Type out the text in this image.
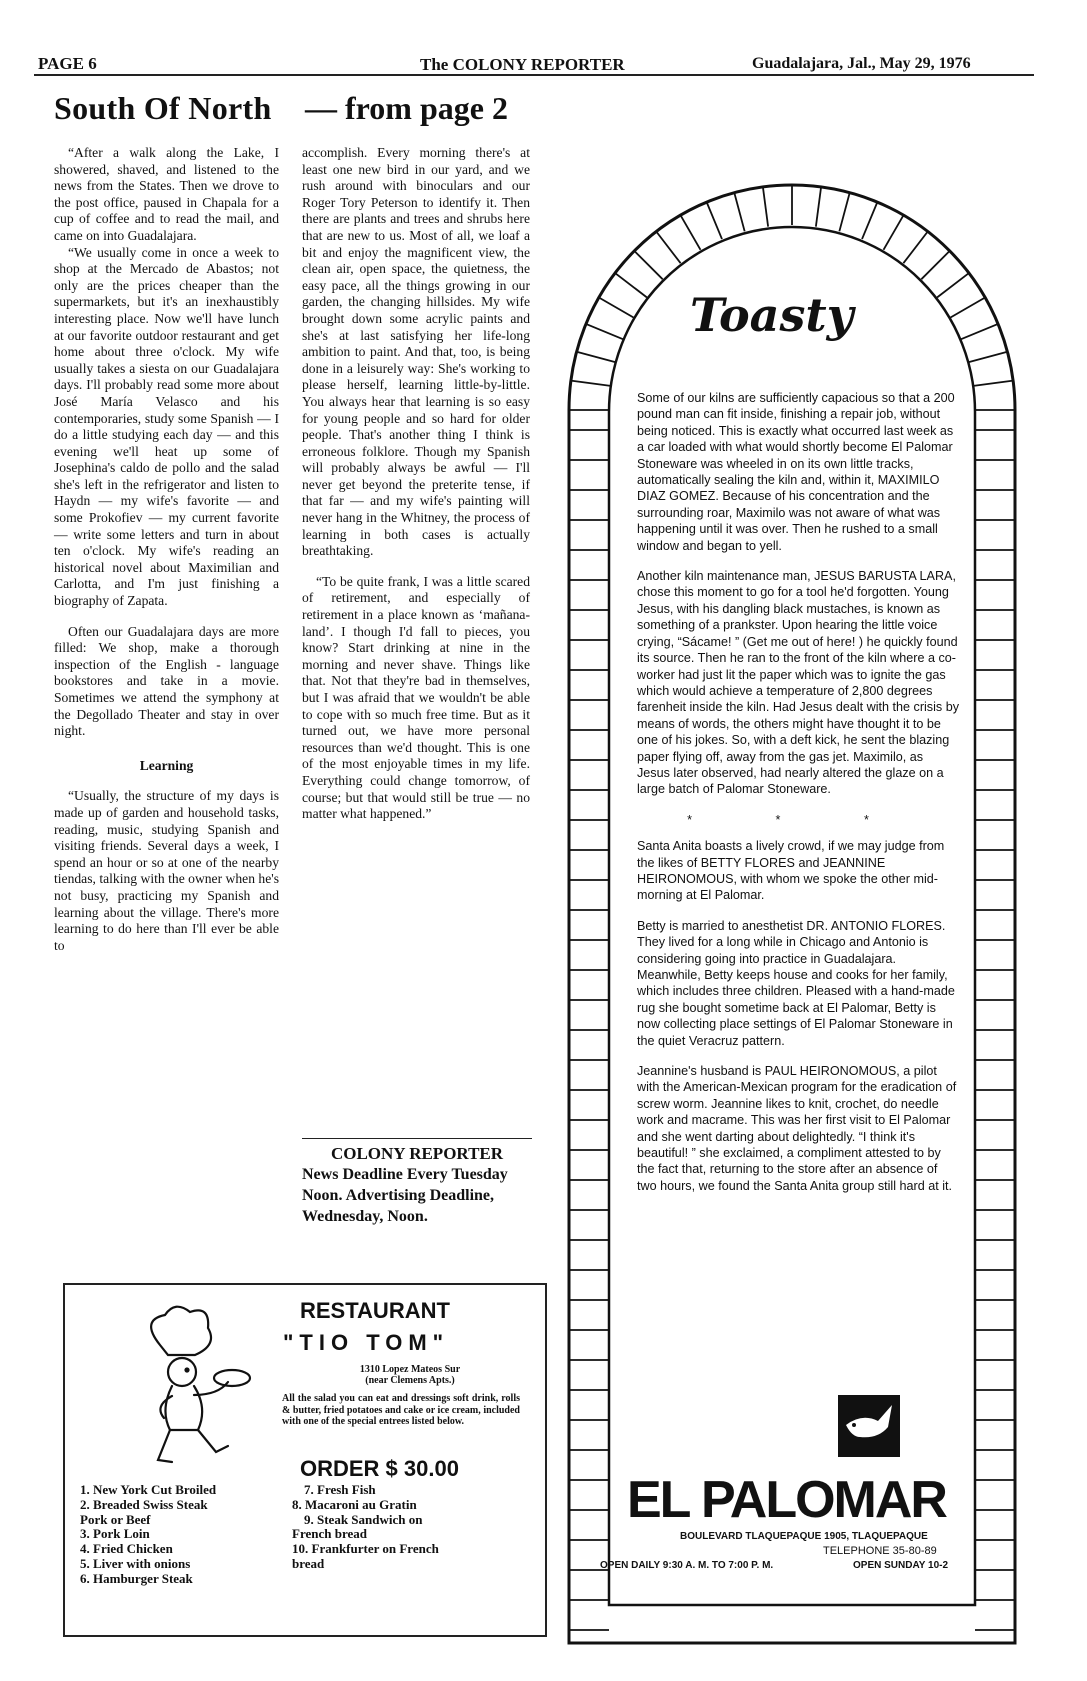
PAGE 6	The COLONY REPORTER	Guadalajara, Jal., May 29, 1976
South Of North — from page 2

“After a walk along the Lake, I showered, shaved, and listened to the news from the States. Then we drove to the post office, paused in Chapala for a cup of coffee and to read the mail, and came on into Guadalajara.

“We usually come in once a week to shop at the Mercado de Abastos; not only are the prices cheaper than the supermarkets, but it's an inexhaustibly interesting place. Now we'll have lunch at our favorite outdoor restaurant and get home about three o'clock. My wife usually takes a siesta on our Guadalajara days. I'll probably read some more about José María Velasco and his contemporaries, study some Spanish — I do a little studying each day — and this evening we'll heat up some of Josephina's caldo de pollo and the salad she's left in the refrigerator and listen to Haydn — my wife's favorite — and some Prokofiev — my current favorite — write some letters and turn in about ten o'clock. My wife's reading an historical novel about Maximilian and Carlotta, and I'm just finishing a biography of Zapata.

Often our Guadalajara days are more filled: We shop, make a thorough inspection of the English - language bookstores and take in a movie. Sometimes we attend the symphony at the Degollado Theater and stay in over night.

Learning

“Usually, the structure of my days is made up of garden and household tasks, reading, music, studying Spanish and visiting friends. Several days a week, I spend an hour or so at one of the nearby tiendas, talking with the owner when he's not busy, practicing my Spanish and learning about the village. There's more learning to do here than I'll ever be able to

accomplish. Every morning there's at least one new bird in our yard, and we rush around with binoculars and our Roger Tory Peterson to identify it. Then there are plants and trees and shrubs here that are new to us. Most of all, we loaf a bit and enjoy the magnificent view, the clean air, open space, the quietness, the easy pace, all the things growing in our garden, the changing hillsides. My wife brought down some acrylic paints and she's at last satisfying her life-long ambition to paint. And that, too, is being done in a leisurely way: She's working to please herself, learning little-by-little. You always hear that learning is so easy for young people and so hard for older people. That's another thing I think is erroneous folklore. Though my Spanish will probably always be awful — I'll never get beyond the preterite tense, if that far — and my wife's painting will never hang in the Whitney, the process of learning in both cases is actually breathtaking.

“To be quite frank, I was a little scared of retirement, and especially of retirement in a place known as ‘mañana-land’. I though I'd fall to pieces, you know? Start drinking at nine in the morning and never shave. Things like that. Not that they're bad in themselves, but I was afraid that we wouldn't be able to cope with so much free time. But as it turned out, we have more personal resources than we'd thought. This is one of the most enjoyable times in my life. Everything could change tomorrow, of course; but that would still be true — no matter what happened.”

COLONY REPORTER
News Deadline Every Tuesday Noon. Advertising Deadline, Wednesday, Noon.
RESTAURANT
"TIO TOM"
1310 Lopez Mateos Sur
(near Clemens Apts.)
All the salad you can eat and dressings soft drink, rolls & butter, fried potatoes and cake or ice cream, included with one of the special entrees listed below.
ORDER $ 30.00
1. New York Cut Broiled
2. Breaded Swiss Steak
Pork or Beef
3. Pork Loin
4. Fried Chicken
5. Liver with onions
6. Hamburger Steak
7. Fresh Fish
8. Macaroni au Gratin
9. Steak Sandwich on
French bread
10. Frankfurter on French
bread
Toasty

Some of our kilns are sufficiently capacious so that a 200 pound man can fit inside, finishing a repair job, without being noticed. This is exactly what occurred last week as a car loaded with what would shortly become El Palomar Stoneware was wheeled in on its own little tracks, automatically sealing the kiln and, within it, MAXIMILO DIAZ GOMEZ. Because of his concentration and the surrounding roar, Maximilo was not aware of what was happening until it was over. Then he rushed to a small window and began to yell.

Another kiln maintenance man, JESUS BARUSTA LARA, chose this moment to go for a tool he'd forgotten. Young Jesus, with his dangling black mustaches, is known as something of a prankster. Upon hearing the little voice crying, “Sácame! ” (Get me out of here! ) he quickly found its source. Then he ran to the front of the kiln where a co-worker had just lit the paper which was to ignite the gas which would achieve a temperature of 2,800 degrees farenheit inside the kiln. Had Jesus dealt with the crisis by means of words, the others might have thought it to be one of his jokes. So, with a deft kick, he sent the blazing paper flying off, away from the gas jet. Maximilo, as Jesus later observed, had nearly altered the glaze on a large batch of Palomar Stoneware.

* * *

Santa Anita boasts a lively crowd, if we may judge from the likes of BETTY FLORES and JEANNINE HEIRONOMOUS, with whom we spoke the other mid-morning at El Palomar.

Betty is married to anesthetist DR. ANTONIO FLORES. They lived for a long while in Chicago and Antonio is considering going into practice in Guadalajara. Meanwhile, Betty keeps house and cooks for her family, which includes three children. Pleased with a hand-made rug she bought sometime back at El Palomar, Betty is now collecting place settings of El Palomar Stoneware in the quiet Veracruz pattern.

Jeannine's husband is PAUL HEIRONOMOUS, a pilot with the American-Mexican program for the eradication of screw worm. Jeannine likes to knit, crochet, do needle work and macrame. This was her first visit to El Palomar and she went darting about delightedly. “I think it's beautiful! ” she exclaimed, a compliment attested to by the fact that, returning to the store after an absence of two hours, we found the Santa Anita group still hard at it.

EL PALOMAR
BOULEVARD TLAQUEPAQUE 1905, TLAQUEPAQUE
TELEPHONE 35-80-89
OPEN DAILY 9:30 A. M. TO 7:00 P. M.	OPEN SUNDAY 10-2
